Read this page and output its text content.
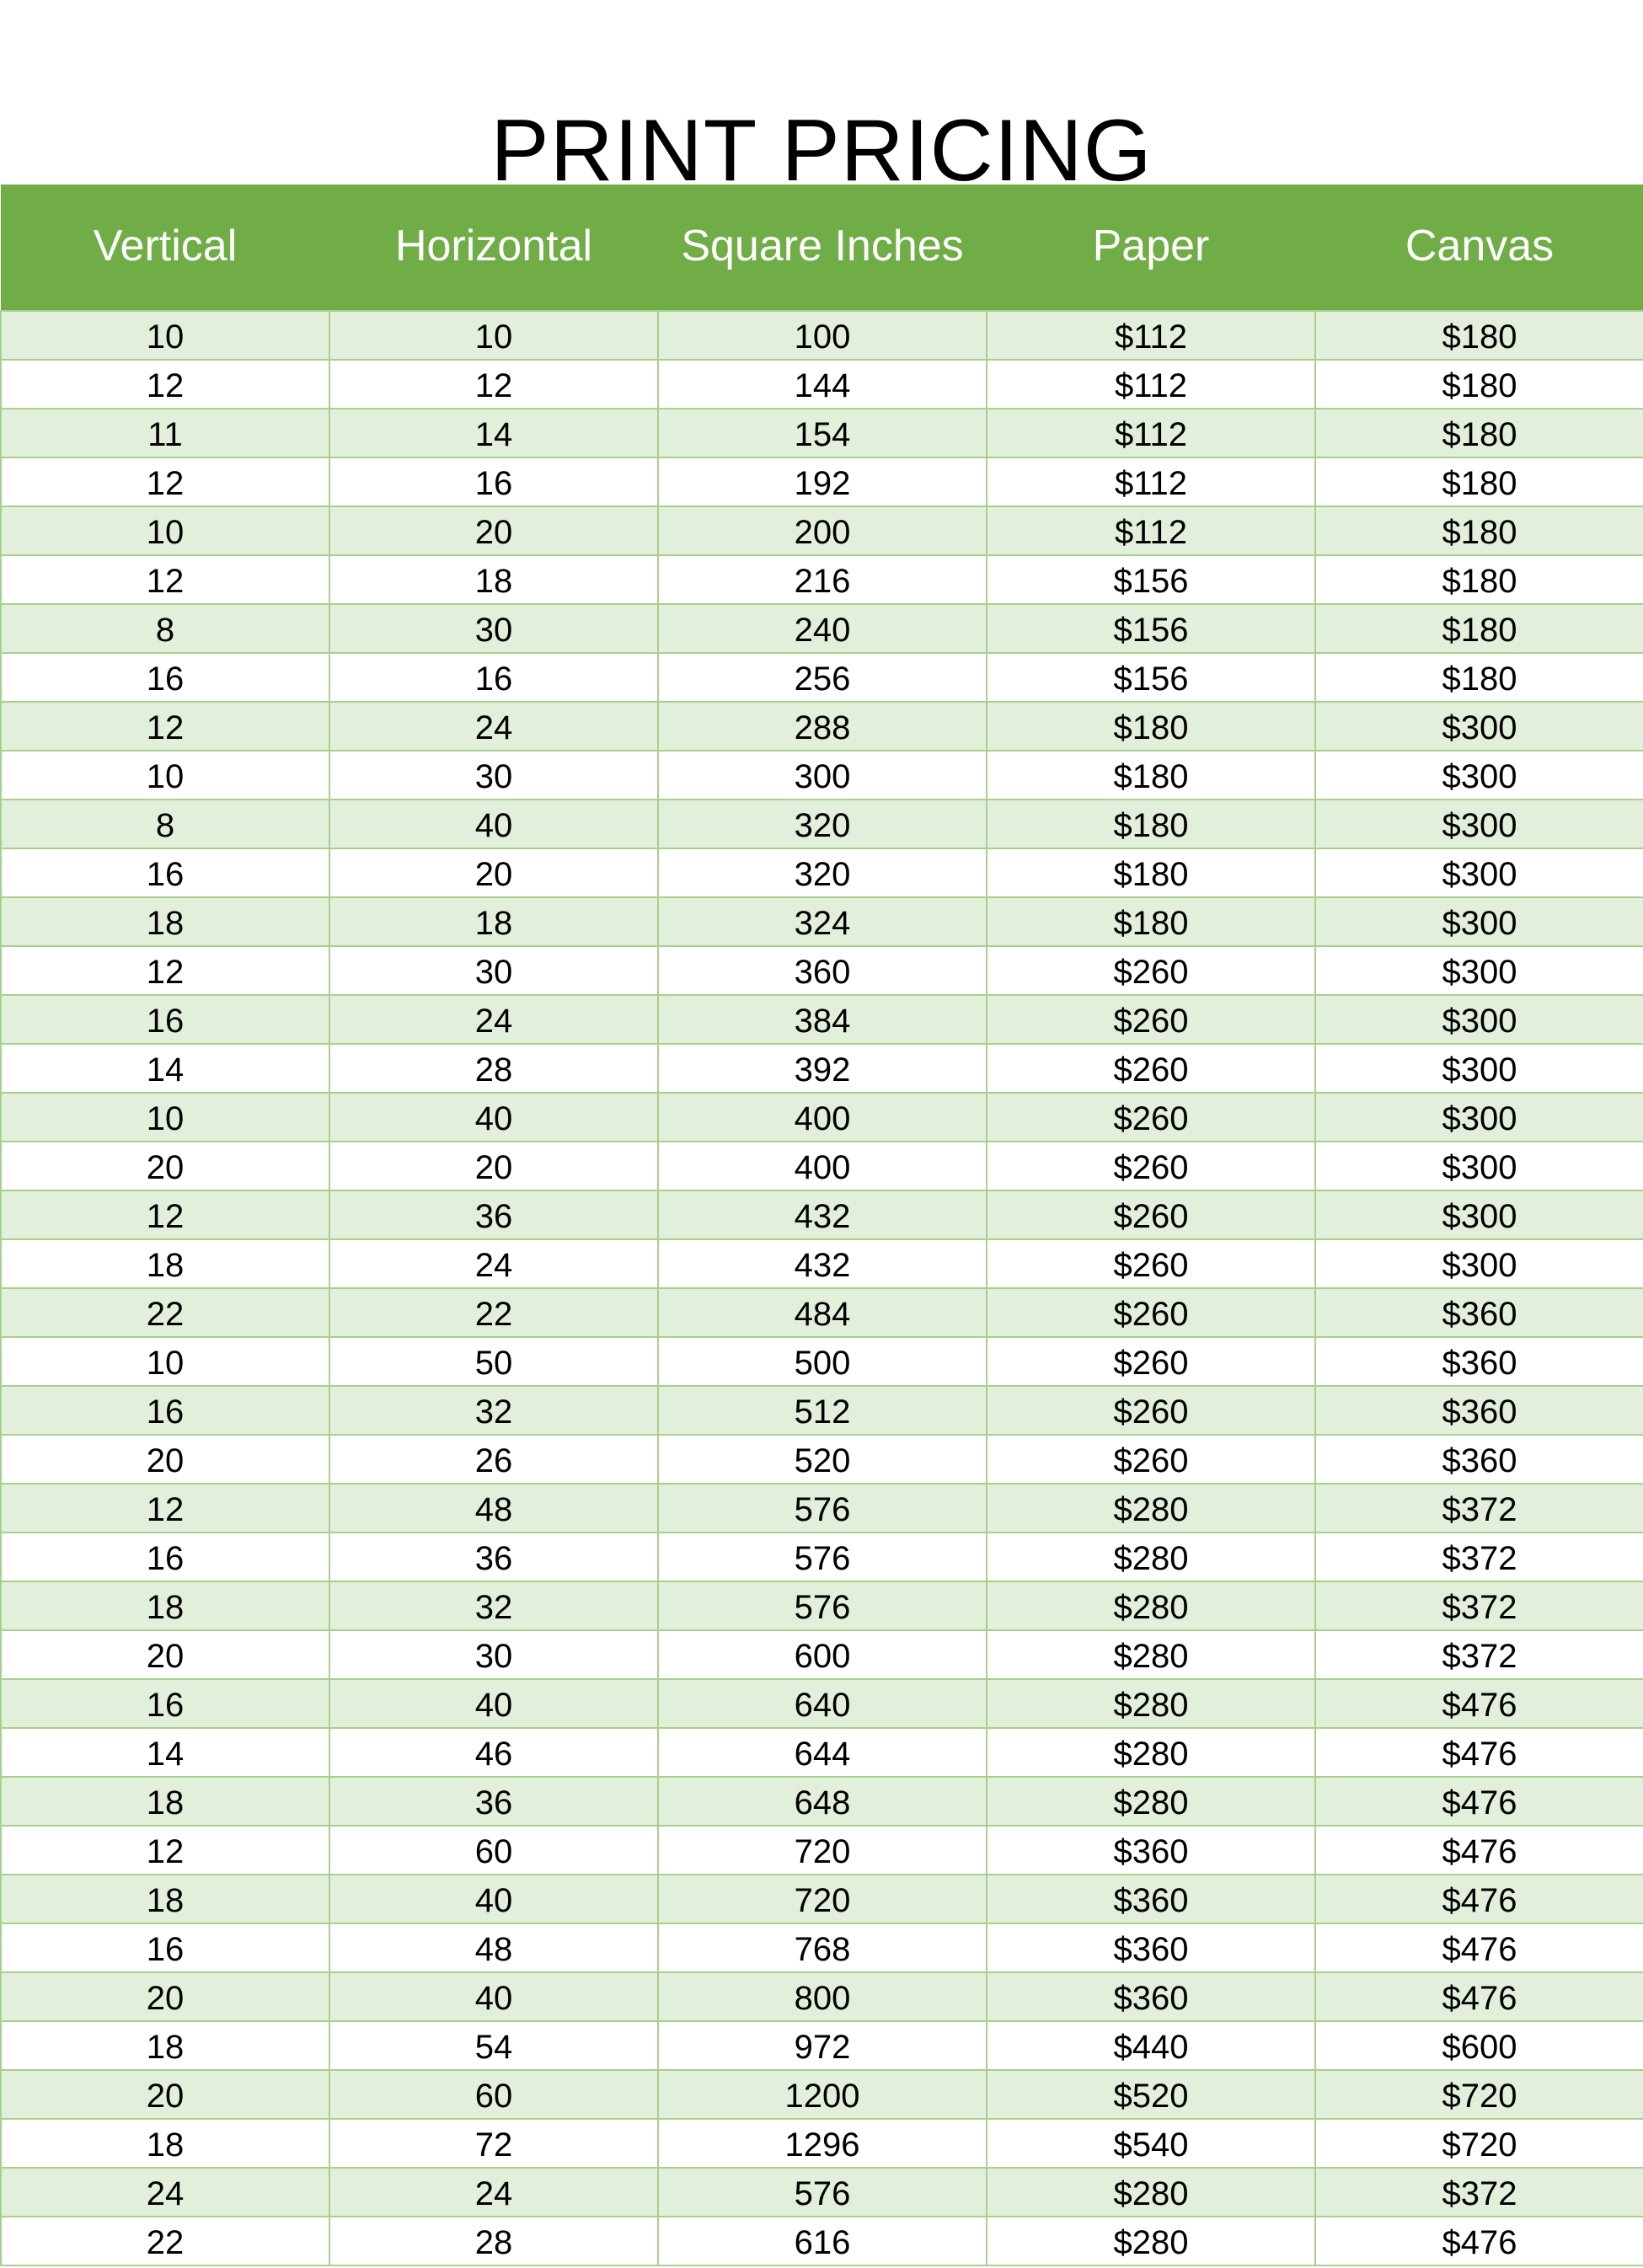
PRINT PRICING
Vertical	Horizontal	Square Inches	Paper	Canvas
10	10	100	$112	$180
12	12	144	$112	$180
11	14	154	$112	$180
12	16	192	$112	$180
10	20	200	$112	$180
12	18	216	$156	$180
8	30	240	$156	$180
16	16	256	$156	$180
12	24	288	$180	$300
10	30	300	$180	$300
8	40	320	$180	$300
16	20	320	$180	$300
18	18	324	$180	$300
12	30	360	$260	$300
16	24	384	$260	$300
14	28	392	$260	$300
10	40	400	$260	$300
20	20	400	$260	$300
12	36	432	$260	$300
18	24	432	$260	$300
22	22	484	$260	$360
10	50	500	$260	$360
16	32	512	$260	$360
20	26	520	$260	$360
12	48	576	$280	$372
16	36	576	$280	$372
18	32	576	$280	$372
20	30	600	$280	$372
16	40	640	$280	$476
14	46	644	$280	$476
18	36	648	$280	$476
12	60	720	$360	$476
18	40	720	$360	$476
16	48	768	$360	$476
20	40	800	$360	$476
18	54	972	$440	$600
20	60	1200	$520	$720
18	72	1296	$540	$720
24	24	576	$280	$372
22	28	616	$280	$476
